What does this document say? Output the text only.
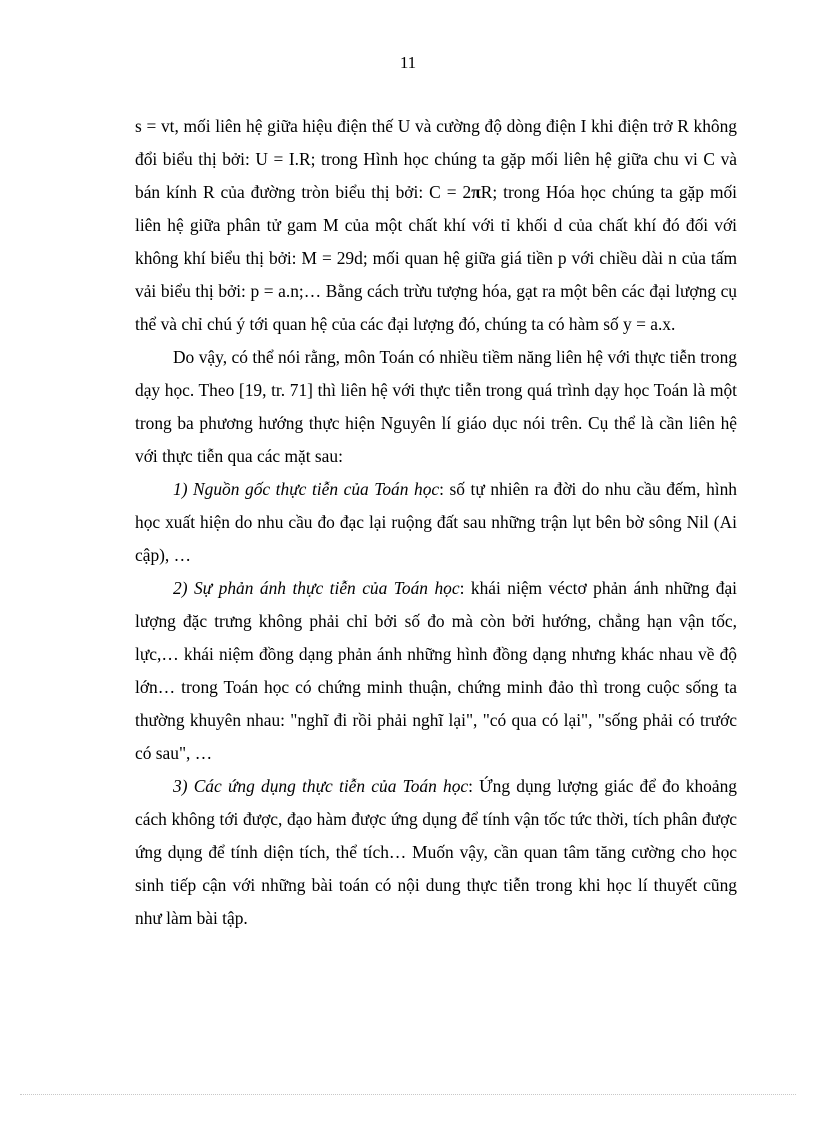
11

s = vt, mối liên hệ giữa hiệu điện thế U và cường độ dòng điện I khi điện trở R không đổi biểu thị bởi: U = I.R; trong Hình học chúng ta gặp mối liên hệ giữa chu vi C và bán kính R của đường tròn biểu thị bởi: C = 2πR; trong Hóa học chúng ta gặp mối liên hệ giữa phân tử gam M của một chất khí với tỉ khối d của chất khí đó đối với không khí biểu thị bởi: M = 29d; mối quan hệ giữa giá tiền p với chiều dài n của tấm vải biểu thị bởi: p = a.n;… Bằng cách trừu tượng hóa, gạt ra một bên các đại lượng cụ thể và chỉ chú ý tới quan hệ của các đại lượng đó, chúng ta có hàm số y = a.x.

Do vậy, có thể nói rằng, môn Toán có nhiều tiềm năng liên hệ với thực tiễn trong dạy học. Theo [19, tr. 71] thì liên hệ với thực tiễn trong quá trình dạy học Toán là một trong ba phương hướng thực hiện Nguyên lí giáo dục nói trên. Cụ thể là cần liên hệ với thực tiễn qua các mặt sau:

1) Nguồn gốc thực tiễn của Toán học: số tự nhiên ra đời do nhu cầu đếm, hình học xuất hiện do nhu cầu đo đạc lại ruộng đất sau những trận lụt bên bờ sông Nil (Ai cập), …

2) Sự phản ánh thực tiễn của Toán học: khái niệm véctơ phản ánh những đại lượng đặc trưng không phải chỉ bởi số đo mà còn bởi hướng, chẳng hạn vận tốc, lực,… khái niệm đồng dạng phản ánh những hình đồng dạng nhưng khác nhau về độ lớn… trong Toán học có chứng minh thuận, chứng minh đảo thì trong cuộc sống ta thường khuyên nhau: "nghĩ đi rồi phải nghĩ lại", "có qua có lại", "sống phải có trước có sau", …

3) Các ứng dụng thực tiễn của Toán học: Ứng dụng lượng giác để đo khoảng cách không tới được, đạo hàm được ứng dụng để tính vận tốc tức thời, tích phân được ứng dụng để tính diện tích, thể tích… Muốn vậy, cần quan tâm tăng cường cho học sinh tiếp cận với những bài toán có nội dung thực tiễn trong khi học lí thuyết cũng như làm bài tập.
